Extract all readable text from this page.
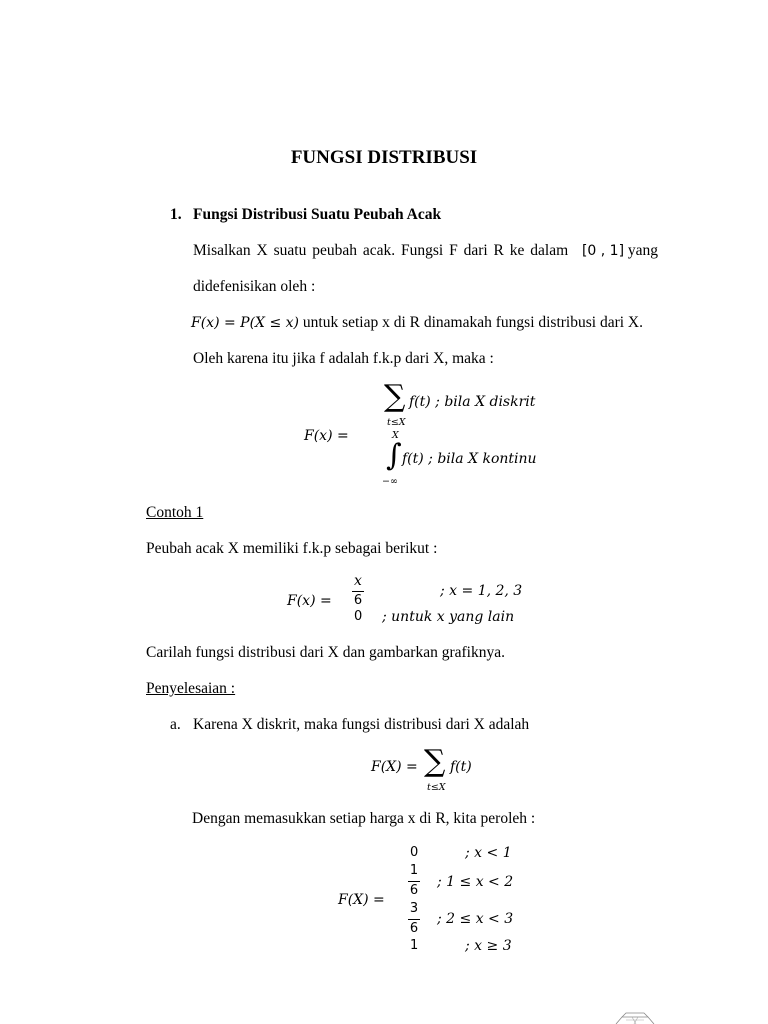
FUNGSI DISTRIBUSI
1. Fungsi Distribusi Suatu Peubah Acak
Misalkan X suatu peubah acak. Fungsi F dari R ke dalam [0 , 1] yang
didefenisikan oleh :
F(x) = P(X ≤ x) untuk setiap x di R dinamakah fungsi distribusi dari X.
Oleh karena itu jika f adalah f.k.p dari X, maka :
F(x) =
∑
t≤X
f(t) ; bila X diskrit
X
∫
−∞
f(t) ; bila X kontinu
Contoh 1
Peubah acak X memiliki f.k.p sebagai berikut :
F(x) =
x
6
; x = 1, 2, 3
0 ; untuk x yang lain
Carilah fungsi distribusi dari X dan gambarkan grafiknya.
Penyelesaian :
a. Karena X diskrit, maka fungsi distribusi dari X adalah
F(X) = ∑
t≤X
f(t)
Dengan memasukkan setiap harga x di R, kita peroleh :
F(X) =
0	; x < 1
1
6
; 1 ≤ x < 2
3
6
; 2 ≤ x < 3
1	; x ≥ 3
